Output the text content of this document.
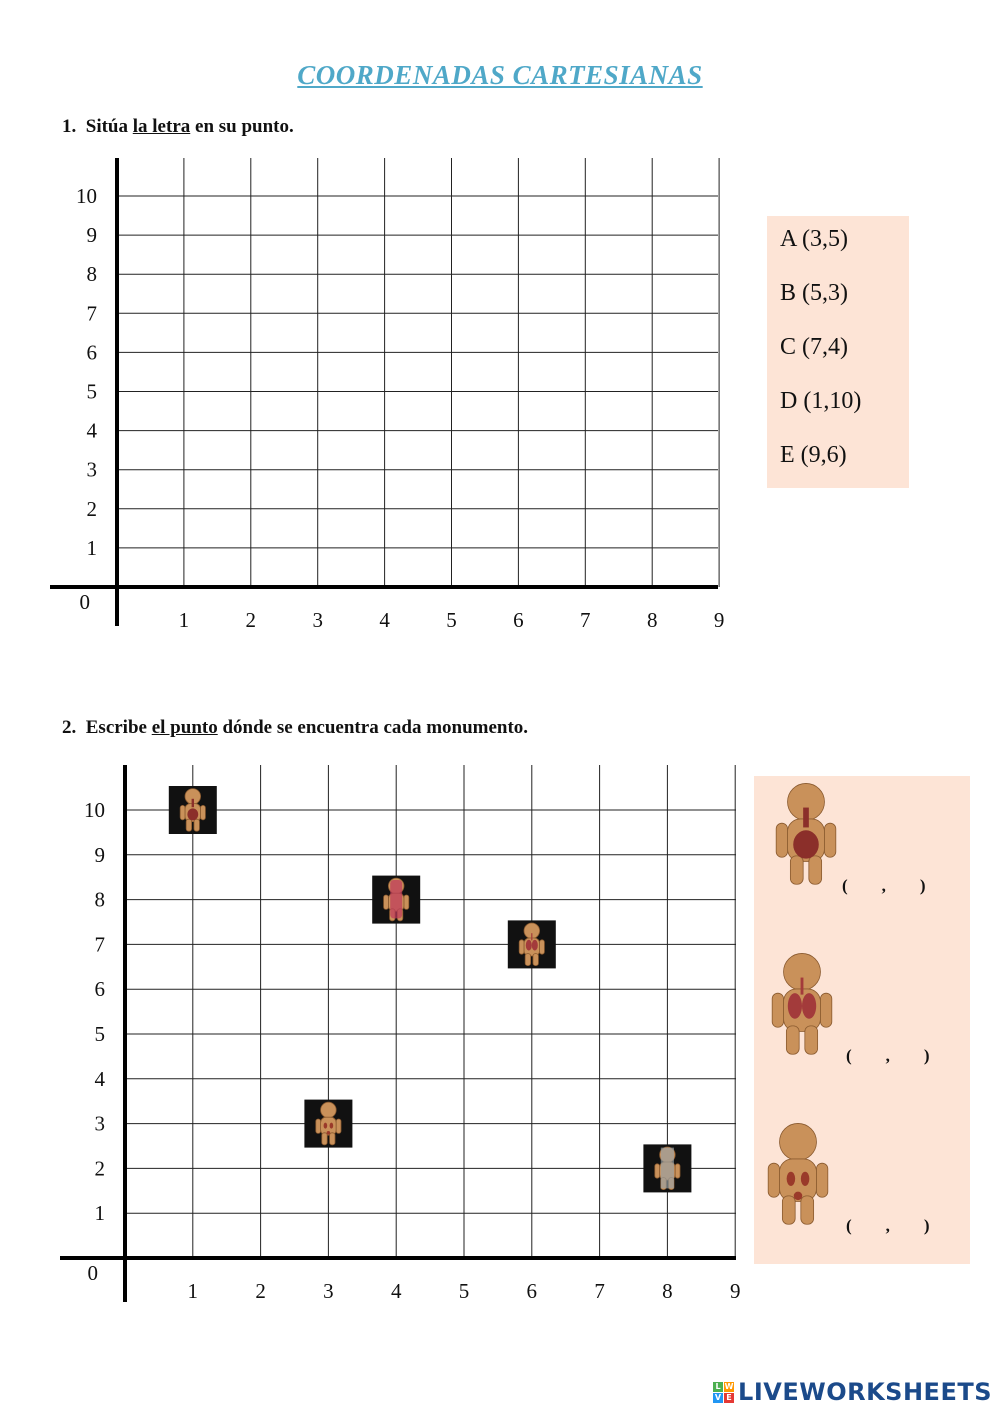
COORDENADAS CARTESIANAS
1. Sitúa la letra en su punto.
1	2	3	4	5	6	7	8	9
1
2
3
4
5
6
7
8
9
10
0
A (3,5)
B (5,3)
C (7,4)
D (1,10)
E (9,6)
2. Escribe el punto dónde se encuentra cada monumento.
1	2	3	4	5	6	7	8	9
1
2
3
4
5
6
7
8
9
10
0
(        ,        )
(        ,        )
(        ,        )
L W
V E LIVEWORKSHEETS
